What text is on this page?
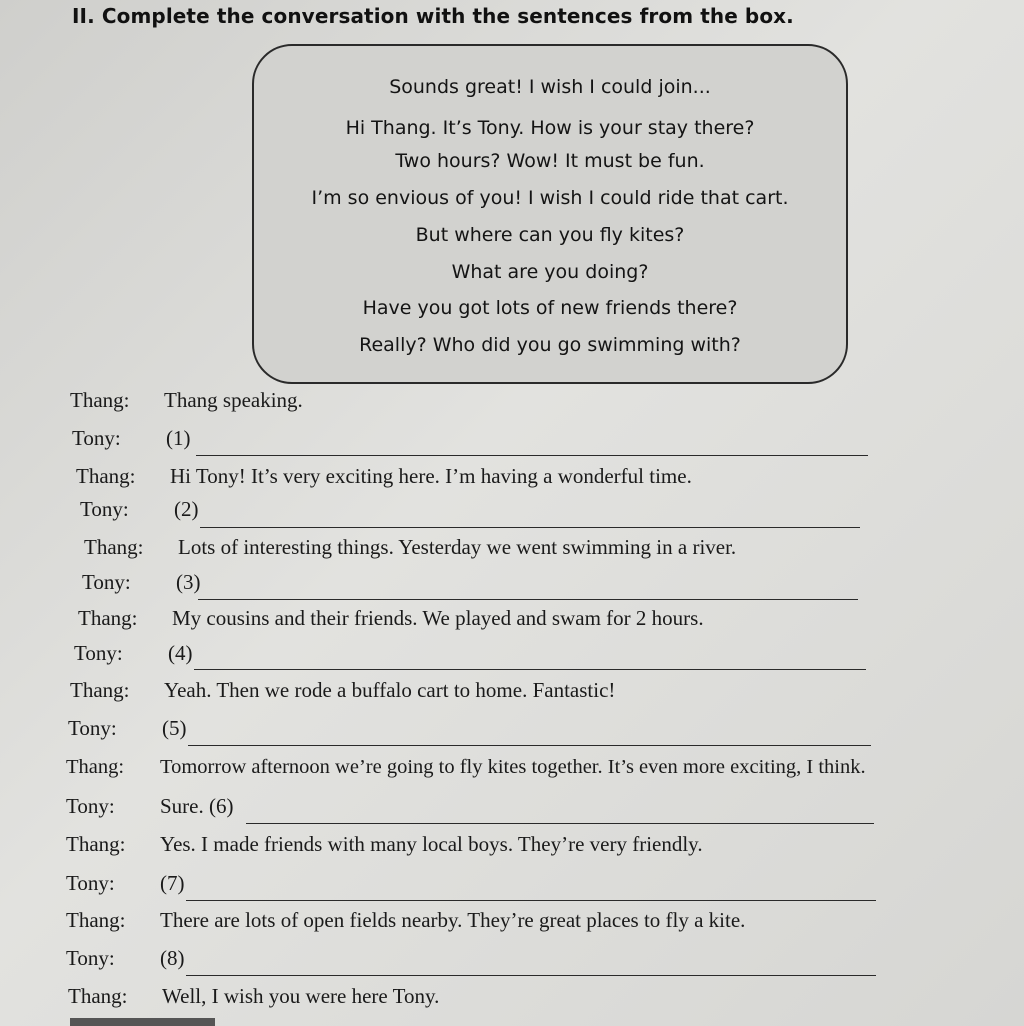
II. Complete the conversation with the sentences from the box.
Sounds great! I wish I could join...
Hi Thang. It’s Tony. How is your stay there?
Two hours? Wow! It must be fun.
I’m so envious of you! I wish I could ride that cart.
But where can you fly kites?
What are you doing?
Have you got lots of new friends there?
Really? Who did you go swimming with?
Thang: Thang speaking.
Tony: (1)
Thang: Hi Tony! It’s very exciting here. I’m having a wonderful time.
Tony: (2)
Thang: Lots of interesting things. Yesterday we went swimming in a river.
Tony: (3)
Thang: My cousins and their friends. We played and swam for 2 hours.
Tony: (4)
Thang: Yeah. Then we rode a buffalo cart to home. Fantastic!
Tony: (5)
Thang: Tomorrow afternoon we’re going to fly kites together. It’s even more exciting, I think.
Tony: Sure. (6)
Thang: Yes. I made friends with many local boys. They’re very friendly.
Tony: (7)
Thang: There are lots of open fields nearby. They’re great places to fly a kite.
Tony: (8)
Thang: Well, I wish you were here Tony.
